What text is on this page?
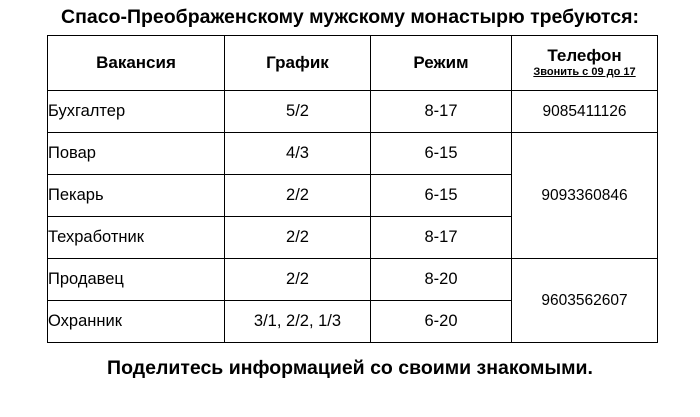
Спасо-Преображенскому мужскому монастырю требуются:
Вакансия	График	Режим	Телефон
Звонить с 09 до 17

Бухгалтер	5/2	8-17	9085411126
Повар	4/3	6-15	9093360846
Пекарь	2/2	6-15	
Техработник	2/2	8-17	
Продавец	2/2	8-20	9603562607
Охранник	3/1, 2/2, 1/3	6-20	
Поделитесь информацией со своими знакомыми.
